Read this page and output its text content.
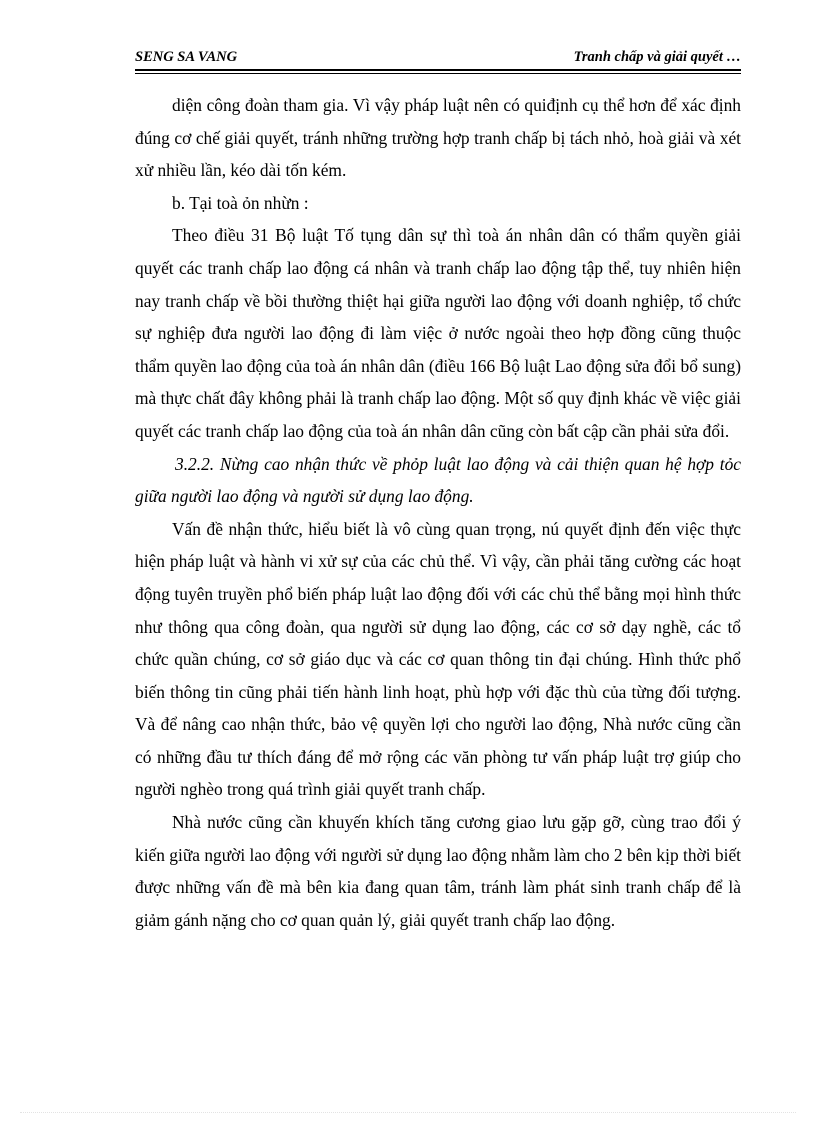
SENG SA VANG	Tranh chấp và giải quyết …

diện công đoàn tham gia. Vì vậy pháp luật nên có quiđịnh cụ thể hơn để xác định đúng cơ chế giải quyết, tránh những trường hợp tranh chấp bị tách nhỏ, hoà giải và xét xử nhiều lần, kéo dài tốn kém.

b. Tại toà ỏn nhừn :

Theo điều 31 Bộ luật Tố tụng dân sự thì toà án nhân dân có thẩm quyền giải quyết các tranh chấp lao động cá nhân và tranh chấp lao động tập thể, tuy nhiên hiện nay tranh chấp về bồi thường thiệt hại giữa người lao động với doanh nghiệp, tổ chức sự nghiệp đưa người lao động đi làm việc ở nước ngoài theo hợp đồng cũng thuộc thẩm quyền lao động của toà án nhân dân (điều 166 Bộ luật Lao động sửa đổi bổ sung) mà thực chất đây không phải là tranh chấp lao động. Một số quy định khác về việc giải quyết các tranh chấp lao động của toà án nhân dân cũng còn bất cập cần phải sửa đổi.

3.2.2. Nừng cao nhận thức về phỏp luật lao động và cải thiện quan hệ hợp tỏc giữa người lao động và người sử dụng lao động.

Vấn đề nhận thức, hiểu biết là vô cùng quan trọng, nú quyết định đến việc thực hiện pháp luật và hành vi xử sự của các chủ thể. Vì vậy, cần phải tăng cường các hoạt động tuyên truyền phổ biến pháp luật lao động đối với các chủ thể bằng mọi hình thức như thông qua công đoàn, qua người sử dụng lao động, các cơ sở dạy nghề, các tổ chức quần chúng, cơ sở giáo dục và các cơ quan thông tin đại chúng. Hình thức phổ biến thông tin cũng phải tiến hành linh hoạt, phù hợp với đặc thù của từng đối tượng. Và để nâng cao nhận thức, bảo vệ quyền lợi cho người lao động, Nhà nước cũng cần có những đầu tư thích đáng để mở rộng các văn phòng tư vấn pháp luật trợ giúp cho người nghèo trong quá trình giải quyết tranh chấp.

Nhà nước cũng cần khuyến khích tăng cương giao lưu gặp gỡ, cùng trao đổi ý kiến giữa người lao động với người sử dụng lao động nhằm làm cho 2 bên kịp thời biết được những vấn đề mà bên kia đang quan tâm, tránh làm phát sinh tranh chấp để là giảm gánh nặng cho cơ quan quản lý, giải quyết tranh chấp lao động.
